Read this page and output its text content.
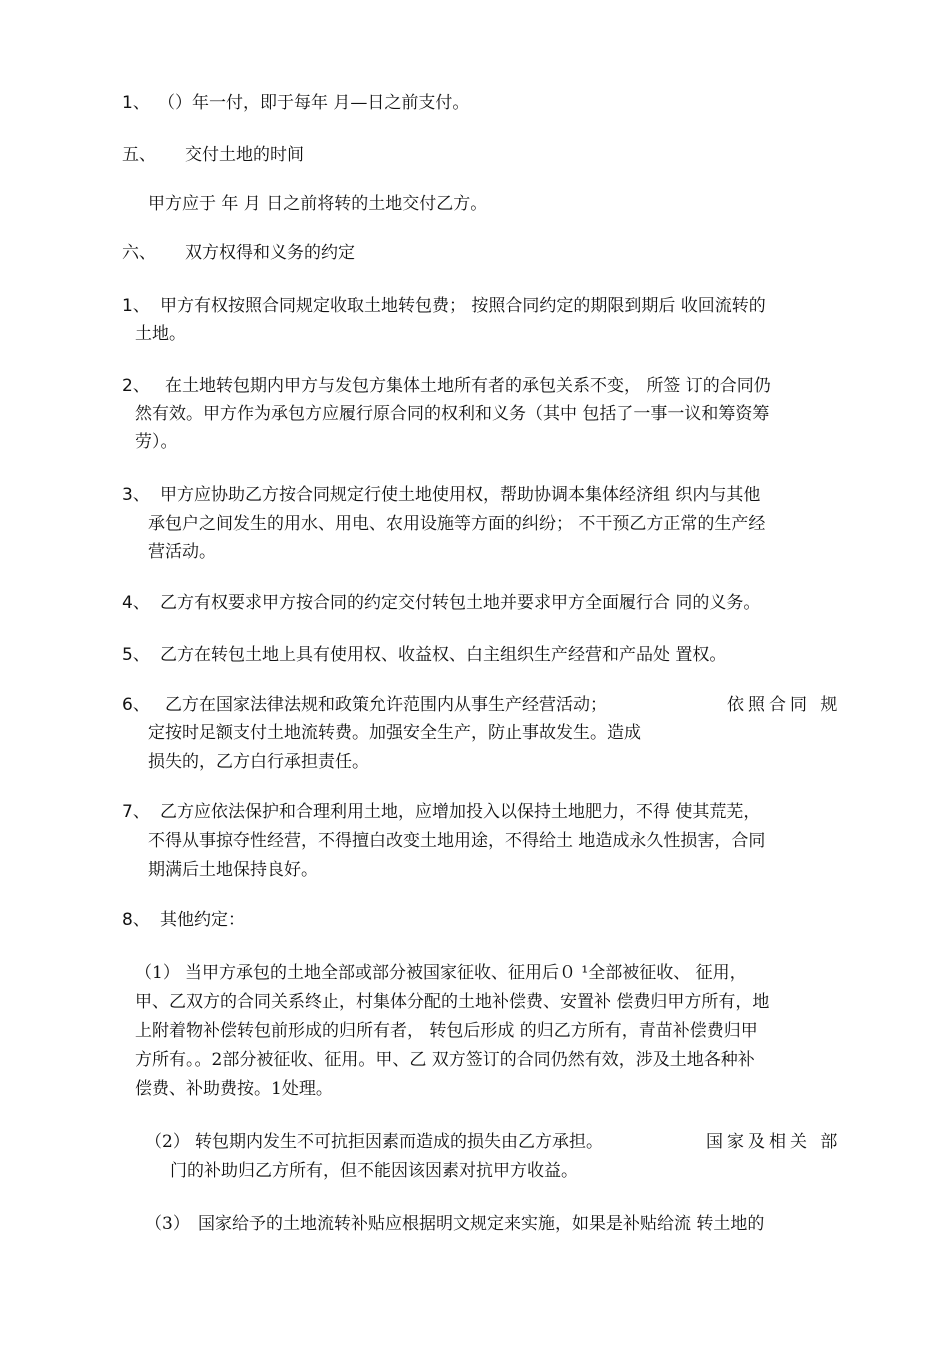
1、 （）年一付，即于每年 月—日之前支付。
五、 交付土地的时间
甲方应于 年 月 日之前将转的土地交付乙方。
六、 双方权得和义务的约定
1、 甲方有权按照合同规定收取土地转包费； 按照合同约定的期限到期后 收回流转的
土地。
2、 在土地转包期内甲方与发包方集体土地所有者的承包关系不变， 所签 订的合同仍
然有效。甲方作为承包方应履行原合同的权利和义务（其中 包括了一事一议和筹资筹
劳）。
3、 甲方应协助乙方按合同规定行使土地使用权，帮助协调本集体经济组 织内与其他
承包户之间发生的用水、用电、农用设施等方面的纠纷； 不干预乙方正常的生产经
营活动。
4、 乙方有权要求甲方按合同的约定交付转包土地并要求甲方全面履行合 同的义务。
5、 乙方在转包土地上具有使用权、收益权、白主组织生产经营和产品处 置权。
6、 乙方在国家法律法规和政策允许范围内从事生产经营活动；	依照合同 规
定按时足额支付土地流转费。加强安全生产，防止事故发生。造成
损失的，乙方白行承担责任。
7、 乙方应依法保护和合理利用土地，应增加投入以保持土地肥力，不得 使其荒芜，
不得从事掠夺性经营，不得擅白改变土地用途，不得给土 地造成永久性损害，合同
期满后土地保持良好。
8、 其他约定：
（1） 当甲方承包的土地全部或部分被国家征收、征用后０ ¹全部被征收、 征用，
甲、乙双方的合同关系终止，村集体分配的土地补偿费、安置补 偿费归甲方所有，地
上附着物补偿转包前形成的归所有者， 转包后形成 的归乙方所有，青苗补偿费归甲
方所有。。2部分被征收、征用。甲、乙 双方签订的合同仍然有效，涉及土地各种补
偿费、补助费按。1处理。
（2） 转包期内发生不可抗拒因素而造成的损失由乙方承担。	国家及相关 部
门的补助归乙方所有，但不能因该因素对抗甲方收益。
（3） 国家给予的土地流转补贴应根据明文规定来实施，如果是补贴给流 转土地的
